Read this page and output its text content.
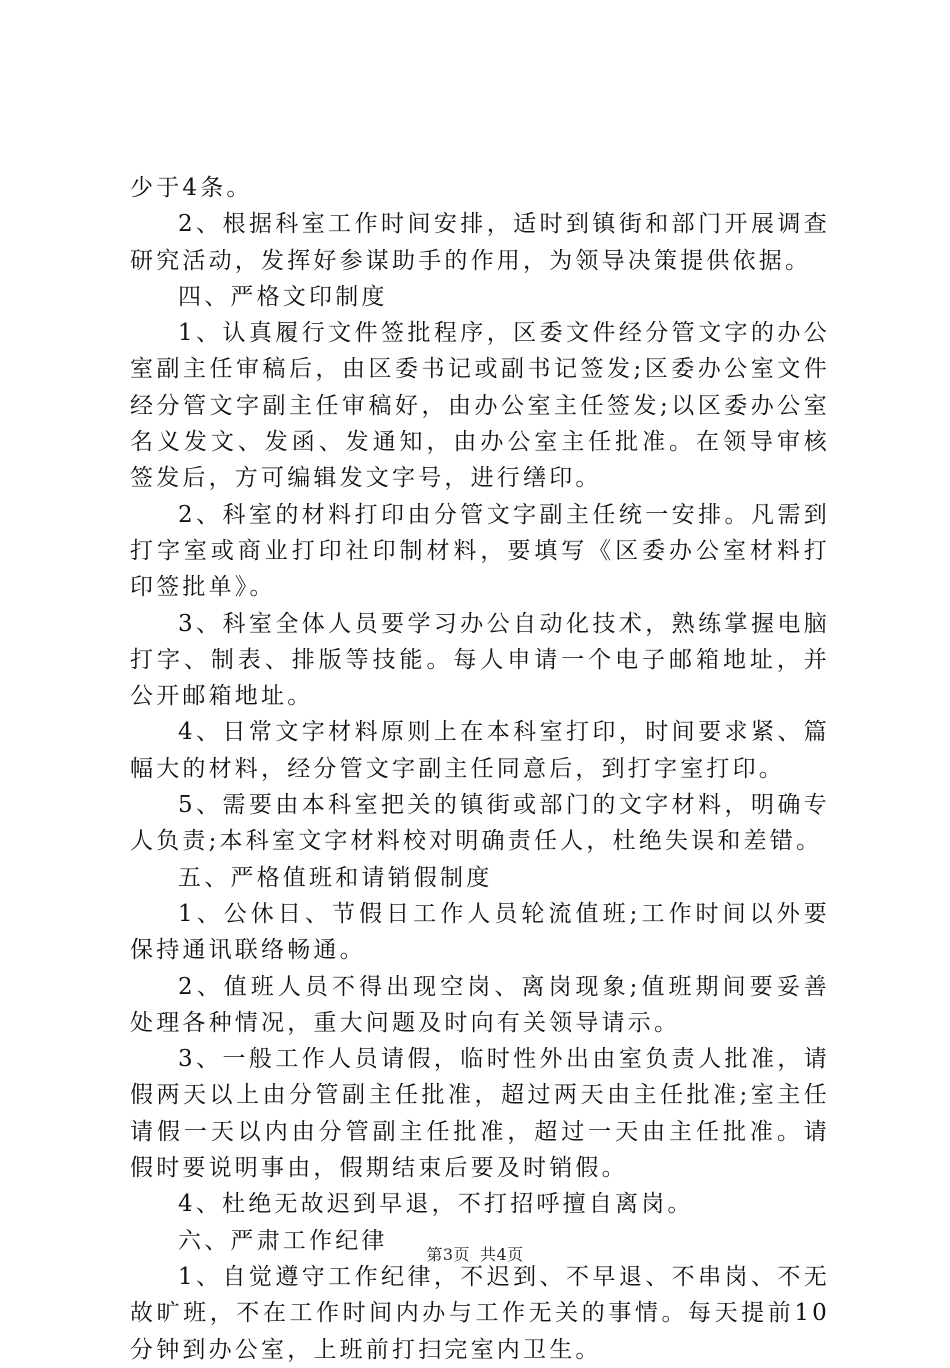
少于4条。

2、根据科室工作时间安排，适时到镇街和部门开展调查研究活动，发挥好参谋助手的作用，为领导决策提供依据。

四、严格文印制度

1、认真履行文件签批程序，区委文件经分管文字的办公室副主任审稿后，由区委书记或副书记签发;区委办公室文件经分管文字副主任审稿好，由办公室主任签发;以区委办公室名义发文、发函、发通知，由办公室主任批准。在领导审核签发后，方可编辑发文字号，进行缮印。

2、科室的材料打印由分管文字副主任统一安排。凡需到打字室或商业打印社印制材料，要填写《区委办公室材料打印签批单》。

3、科室全体人员要学习办公自动化技术，熟练掌握电脑打字、制表、排版等技能。每人申请一个电子邮箱地址，并公开邮箱地址。

4、日常文字材料原则上在本科室打印，时间要求紧、篇幅大的材料，经分管文字副主任同意后，到打字室打印。

5、需要由本科室把关的镇街或部门的文字材料，明确专人负责;本科室文字材料校对明确责任人，杜绝失误和差错。

五、严格值班和请销假制度

1、公休日、节假日工作人员轮流值班;工作时间以外要保持通讯联络畅通。

2、值班人员不得出现空岗、离岗现象;值班期间要妥善处理各种情况，重大问题及时向有关领导请示。

3、一般工作人员请假，临时性外出由室负责人批准，请假两天以上由分管副主任批准，超过两天由主任批准;室主任请假一天以内由分管副主任批准，超过一天由主任批准。请假时要说明事由，假期结束后要及时销假。

4、杜绝无故迟到早退，不打招呼擅自离岗。

六、严肃工作纪律

1、自觉遵守工作纪律，不迟到、不早退、不串岗、不无故旷班，不在工作时间内办与工作无关的事情。每天提前10分钟到办公室，上班前打扫完室内卫生。

第3页 共4页
